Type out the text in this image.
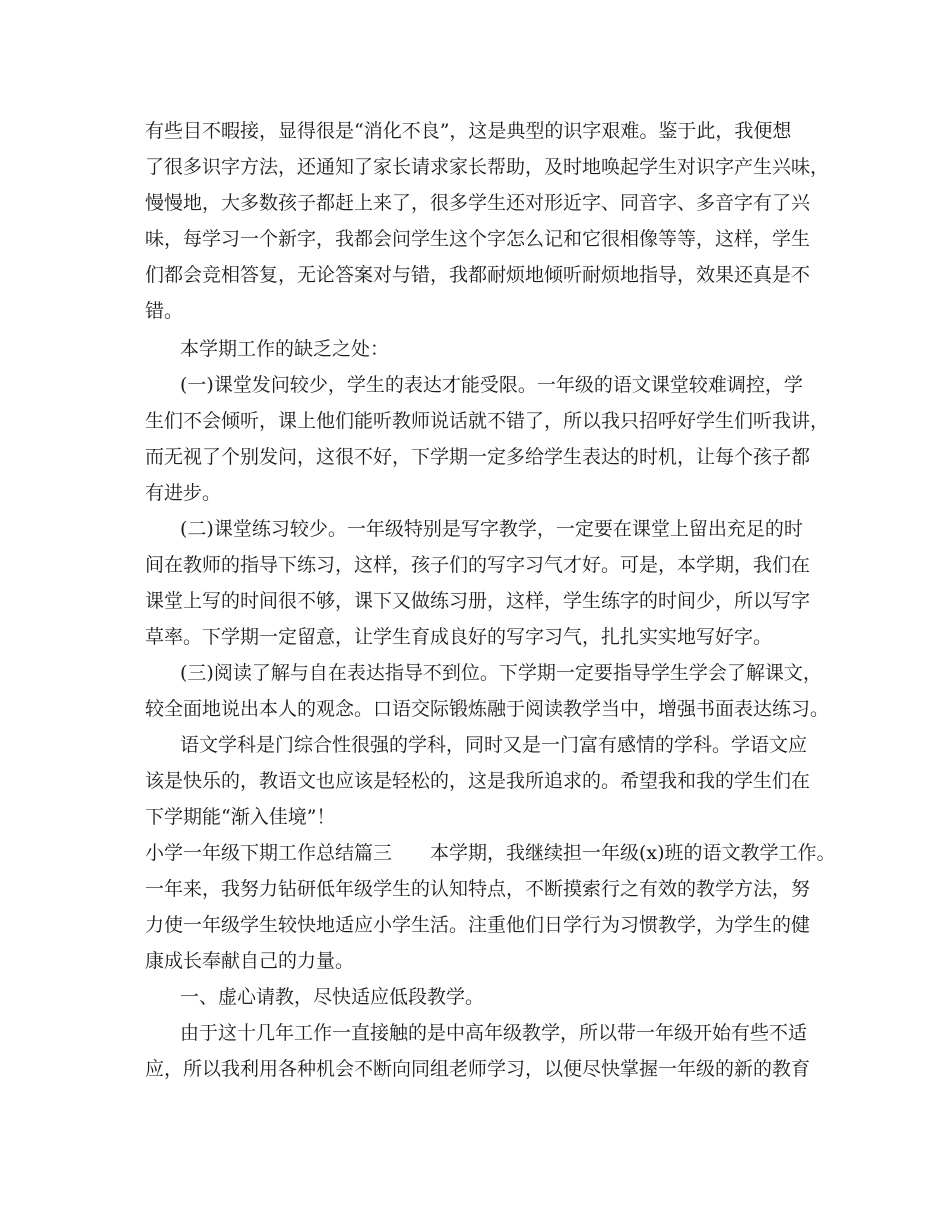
有些目不暇接，显得很是“消化不良”，这是典型的识字艰难。鉴于此，我便想
了很多识字方法，还通知了家长请求家长帮助，及时地唤起学生对识字产生兴味，
慢慢地，大多数孩子都赶上来了，很多学生还对形近字、同音字、多音字有了兴
味，每学习一个新字，我都会问学生这个字怎么记和它很相像等等，这样，学生
们都会竞相答复，无论答案对与错，我都耐烦地倾听耐烦地指导，效果还真是不
错。
本学期工作的缺乏之处：
(一)课堂发问较少，学生的表达才能受限。一年级的语文课堂较难调控，学
生们不会倾听，课上他们能听教师说话就不错了，所以我只招呼好学生们听我讲，
而无视了个别发问，这很不好，下学期一定多给学生表达的时机，让每个孩子都
有进步。
(二)课堂练习较少。一年级特别是写字教学，一定要在课堂上留出充足的时
间在教师的指导下练习，这样，孩子们的写字习气才好。可是，本学期，我们在
课堂上写的时间很不够，课下又做练习册，这样，学生练字的时间少，所以写字
草率。下学期一定留意，让学生育成良好的写字习气，扎扎实实地写好字。
(三)阅读了解与自在表达指导不到位。下学期一定要指导学生学会了解课文，
较全面地说出本人的观念。口语交际锻炼融于阅读教学当中，增强书面表达练习。
语文学科是门综合性很强的学科，同时又是一门富有感情的学科。学语文应
该是快乐的，教语文也应该是轻松的，这是我所追求的。希望我和我的学生们在
下学期能“渐入佳境”！
小学一年级下期工作总结篇三　　本学期，我继续担一年级(x)班的语文教学工作。
一年来，我努力钻研低年级学生的认知特点，不断摸索行之有效的教学方法，努
力使一年级学生较快地适应小学生活。注重他们日学行为习惯教学，为学生的健
康成长奉献自己的力量。
一、虚心请教，尽快适应低段教学。
由于这十几年工作一直接触的是中高年级教学，所以带一年级开始有些不适
应，所以我利用各种机会不断向同组老师学习，以便尽快掌握一年级的新的教育
